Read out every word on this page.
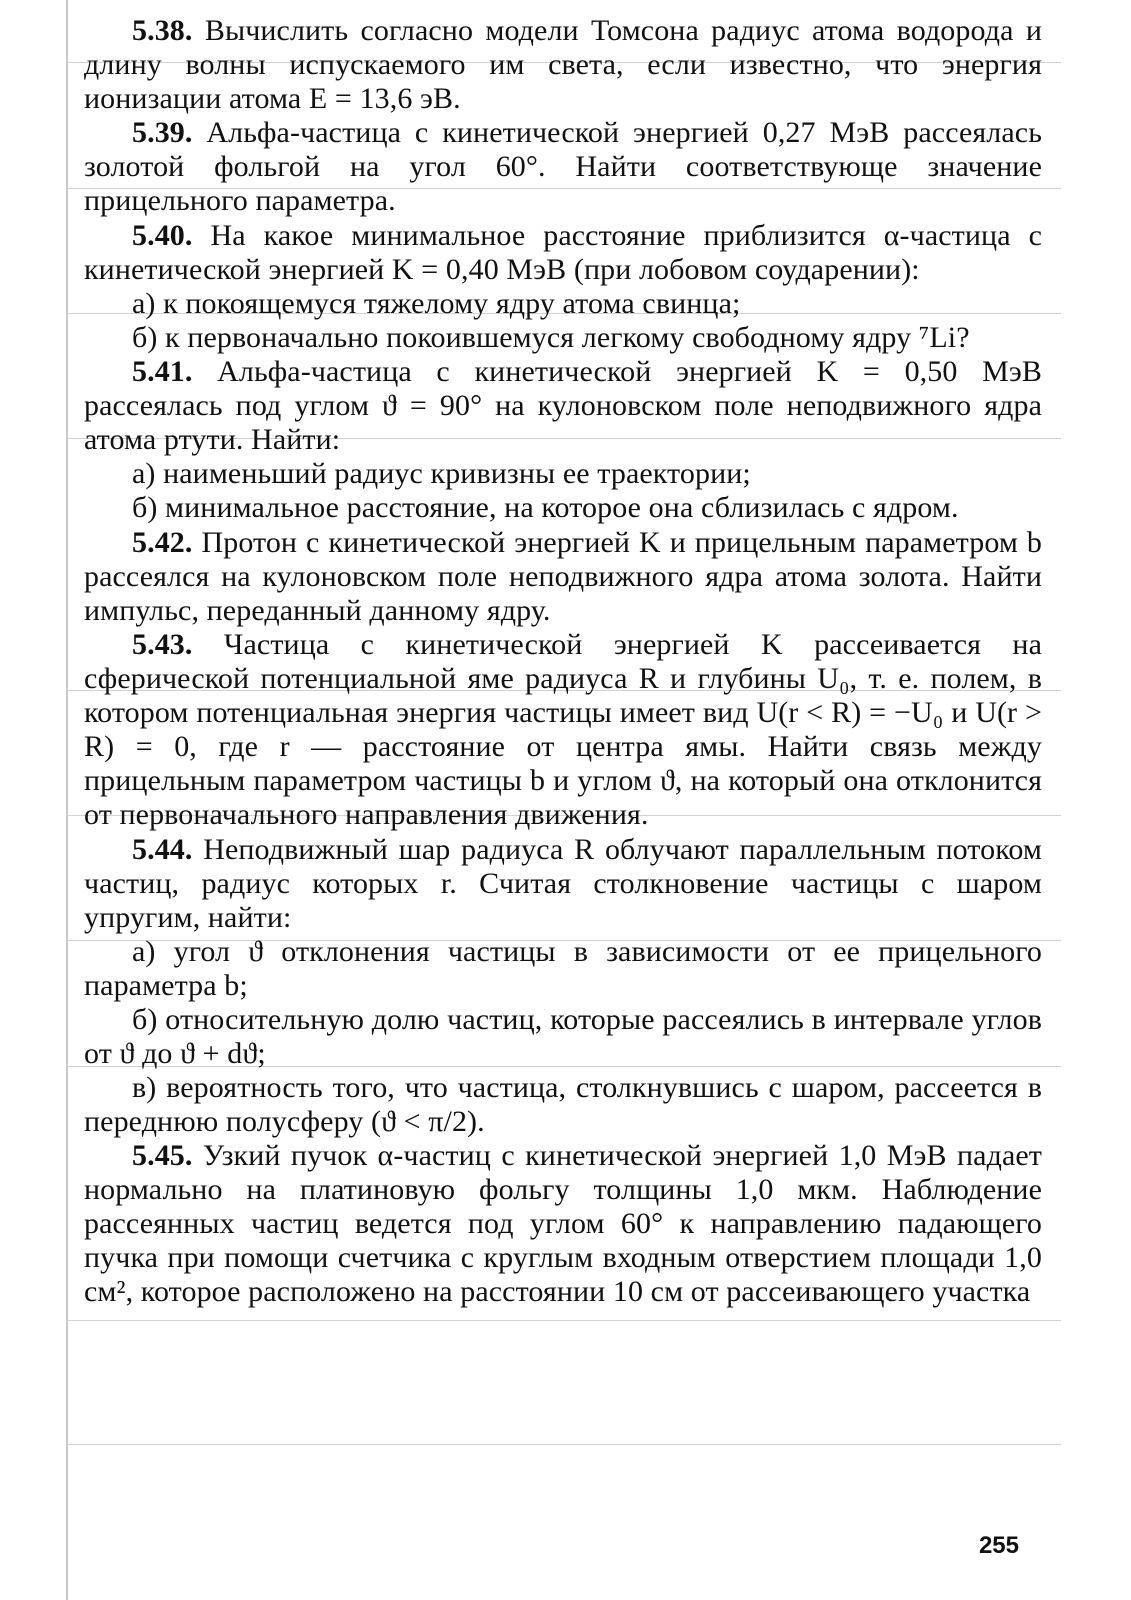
5.38. Вычислить согласно модели Томсона радиус атома водорода и длину волны испускаемого им света, если известно, что энергия ионизации атома E = 13,6 эВ.

5.39. Альфа-частица с кинетической энергией 0,27 МэВ рассеялась золотой фольгой на угол 60°. Найти соответствующе значение прицельного параметра.

5.40. На какое минимальное расстояние приблизится α-частица с кинетической энергией K = 0,40 МэВ (при лобовом соударении):

а) к покоящемуся тяжелому ядру атома свинца;

б) к первоначально покоившемуся легкому свободному ядру ⁷Li?

5.41. Альфа-частица с кинетической энергией K = 0,50 МэВ рассеялась под углом ϑ = 90° на кулоновском поле неподвижного ядра атома ртути. Найти:

а) наименьший радиус кривизны ее траектории;

б) минимальное расстояние, на которое она сблизилась с ядром.

5.42. Протон с кинетической энергией K и прицельным параметром b рассеялся на кулоновском поле неподвижного ядра атома золота. Найти импульс, переданный данному ядру.

5.43. Частица с кинетической энергией K рассеивается на сферической потенциальной яме радиуса R и глубины U₀, т. е. полем, в котором потенциальная энергия частицы имеет вид U(r < R) = −U₀ и U(r > R) = 0, где r — расстояние от центра ямы. Найти связь между прицельным параметром частицы b и углом ϑ, на который она отклонится от первоначального направления движения.

5.44. Неподвижный шар радиуса R облучают параллельным потоком частиц, радиус которых r. Считая столкновение частицы с шаром упругим, найти:

а) угол ϑ отклонения частицы в зависимости от ее прицельного параметра b;

б) относительную долю частиц, которые рассеялись в интервале углов от ϑ до ϑ + dϑ;

в) вероятность того, что частица, столкнувшись с шаром, рассеется в переднюю полусферу (ϑ < π/2).

5.45. Узкий пучок α-частиц с кинетической энергией 1,0 МэВ падает нормально на платиновую фольгу толщины 1,0 мкм. Наблюдение рассеянных частиц ведется под углом 60° к направлению падающего пучка при помощи счетчика с круглым входным отверстием площади 1,0 см², которое расположено на расстоянии 10 см от рассеивающего участка

255
